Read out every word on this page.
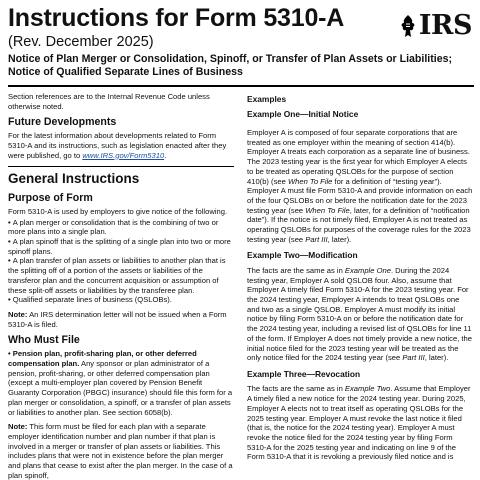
Instructions for Form 5310-A
(Rev. December 2025)
Notice of Plan Merger or Consolidation, Spinoff, or Transfer of Plan Assets or Liabilities; Notice of Qualified Separate Lines of Business
IRS

Section references are to the Internal Revenue Code unless otherwise noted.

Future Developments

For the latest information about developments related to Form 5310-A and its instructions, such as legislation enacted after they were published, go to www.IRS.gov/Form5310.

General Instructions
Purpose of Form

Form 5310-A is used by employers to give notice of the following.

• A plan merger or consolidation that is the combining of two or more plans into a single plan.
• A plan spinoff that is the splitting of a single plan into two or more spinoff plans.
• A plan transfer of plan assets or liabilities to another plan that is the splitting off of a portion of the assets or liabilities of the transferor plan and the concurrent acquisition or assumption of these split-off assets or liabilities by the transferee plan.
• Qualified separate lines of business (QSLOBs).

Note: An IRS determination letter will not be issued when a Form 5310-A is filed.

Who Must File

• Pension plan, profit-sharing plan, or other deferred compensation plan. Any sponsor or plan administrator of a pension, profit-sharing, or other deferred compensation plan (except a multi-employer plan covered by Pension Benefit Guaranty Corporation (PBGC) insurance) should file this form for a plan merger or consolidation, a spinoff, or a transfer of plan assets or liabilities to another plan. See section 6058(b).

Note: This form must be filed for each plan with a separate employer identification number and plan number if that plan is involved in a merger or transfer of plan assets or liabilities. This includes plans that were not in existence before the plan merger and plans that cease to exist after the plan merger. In the case of a plan spinoff,

Examples
Example One—Initial Notice

Employer A is composed of four separate corporations that are treated as one employer within the meaning of section 414(b). Employer A treats each corporation as a separate line of business. The 2023 testing year is the first year for which Employer A elects to be treated as operating QSLOBs for the purpose of section 410(b) (see When To File for a definition of “testing year”). Employer A must file Form 5310-A and provide information on each of the four QSLOBs on or before the notification date for the 2023 testing year (see When To File, later, for a definition of “notification date”). If the notice is not timely filed, Employer A is not treated as operating QSLOBs for purposes of the coverage rules for the 2023 testing year (see Part III, later).

Example Two—Modification

The facts are the same as in Example One. During the 2024 testing year, Employer A sold QSLOB four. Also, assume that Employer A timely filed Form 5310-A for the 2023 testing year. For the 2024 testing year, Employer A intends to treat QSLOBs one and two as a single QSLOB. Employer A must modify its initial notice by filing Form 5310-A on or before the notification date for the 2024 testing year, including a revised list of QSLOBs for line 11 of the form. If Employer A does not timely provide a new notice, the initial notice filed for the 2023 testing year will be treated as the only notice filed for the 2024 testing year (see Part III, later).

Example Three—Revocation

The facts are the same as in Example Two. Assume that Employer A timely filed a new notice for the 2024 testing year. During 2025, Employer A elects not to treat itself as operating QSLOBs for the 2025 testing year. Employer A must revoke the last notice it filed (that is, the notice for the 2024 testing year). Employer A must revoke the notice filed for the 2024 testing year by filing Form 5310-A for the 2025 testing year and indicating on line 9 of the Form 5310-A that it is revoking a previously filed notice and is
